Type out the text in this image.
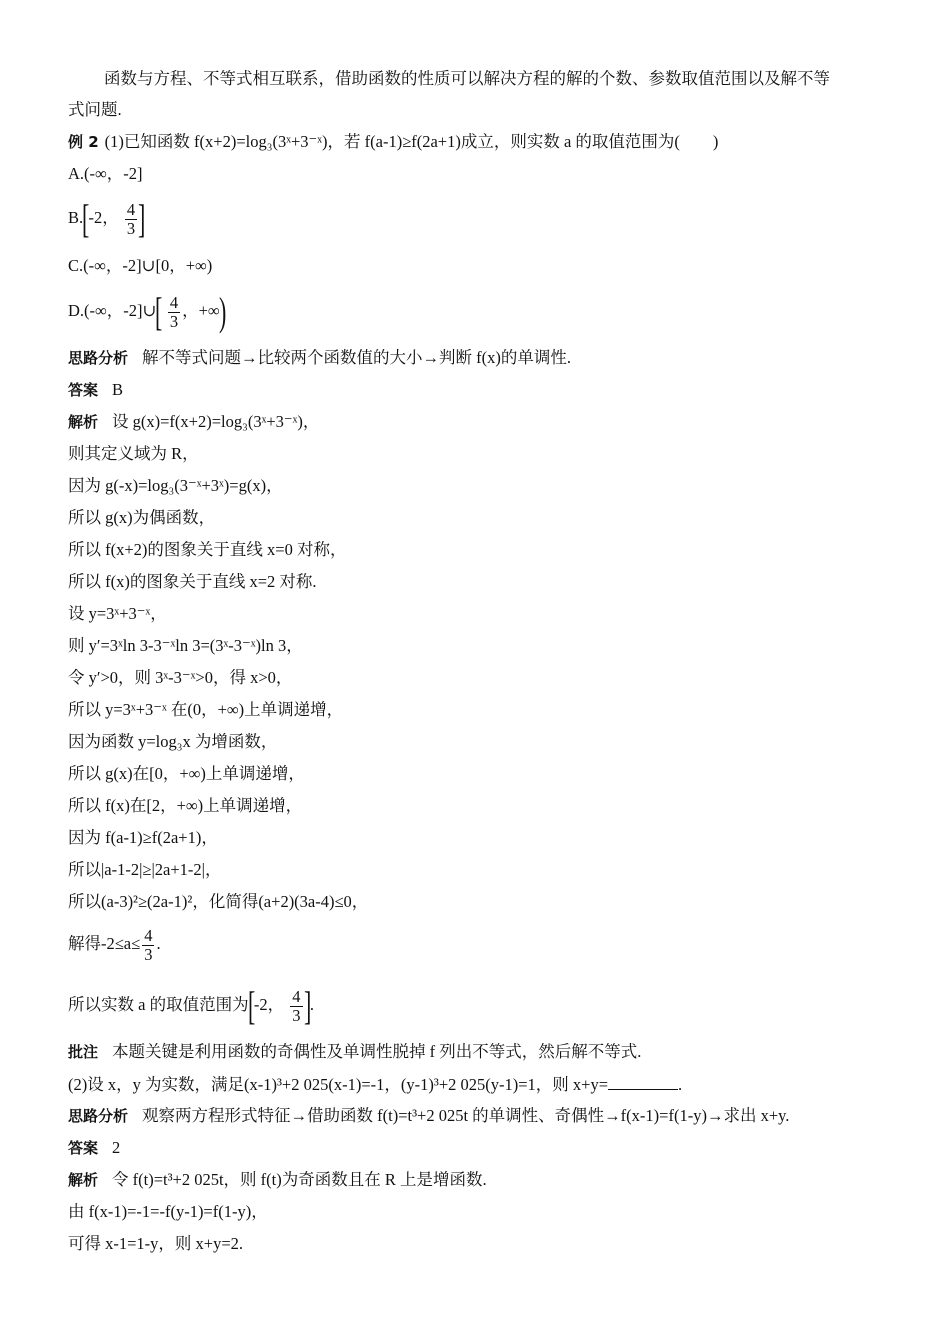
函数与方程、不等式相互联系，借助函数的性质可以解决方程的解的个数、参数取值范围以及解不等
式问题.
例 2 (1)已知函数 f(x+2)=log₃(3ˣ+3⁻ˣ)，若 f(a-1)≥f(2a+1)成立，则实数 a 的取值范围为(　　)
A.(-∞，-2]
B.[-2， $\frac{4}{3}$ ]
C.(-∞，-2]∪[0，+∞)
D.(-∞，-2]∪[ $\frac{4}{3}$ ，+∞)
思路分析 解不等式问题→比较两个函数值的大小→判断 f(x)的单调性.
答案 B
解析 设 g(x)=f(x+2)=log₃(3ˣ+3⁻ˣ)，
则其定义域为 R，
因为 g(-x)=log₃(3⁻ˣ+3ˣ)=g(x)，
所以 g(x)为偶函数，
所以 f(x+2)的图象关于直线 x=0 对称，
所以 f(x)的图象关于直线 x=2 对称.
设 y=3ˣ+3⁻ˣ，
则 y′=3ˣln 3-3⁻ˣln 3=(3ˣ-3⁻ˣ)ln 3，
令 y′>0，则 3ˣ-3⁻ˣ>0，得 x>0，
所以 y=3ˣ+3⁻ˣ 在(0，+∞)上单调递增，
因为函数 y=log₃x 为增函数，
所以 g(x)在[0，+∞)上单调递增，
所以 f(x)在[2，+∞)上单调递增，
因为 f(a-1)≥f(2a+1)，
所以|a-1-2|≥|2a+1-2|，
所以(a-3)²≥(2a-1)²，化简得(a+2)(3a-4)≤0，
解得$-2\le a\le \frac{4}{3}$ .
所以实数 a 的取值范围为[-2， $\frac{4}{3}$ ].
批注 本题关键是利用函数的奇偶性及单调性脱掉 f 列出不等式，然后解不等式.
(2)设 x，y 为实数，满足(x-1)³+2 025(x-1)=-1，(y-1)³+2 025(y-1)=1，则 x+y=	.
思路分析 观察两方程形式特征→借助函数 f(t)=t³+2 025t 的单调性、奇偶性→f(x-1)=f(1-y)→求出 x+y.
答案 2
解析 令 f(t)=t³+2 025t，则 f(t)为奇函数且在 R 上是增函数.
由 f(x-1)=-1=-f(y-1)=f(1-y)，
可得 x-1=1-y，则 x+y=2.
